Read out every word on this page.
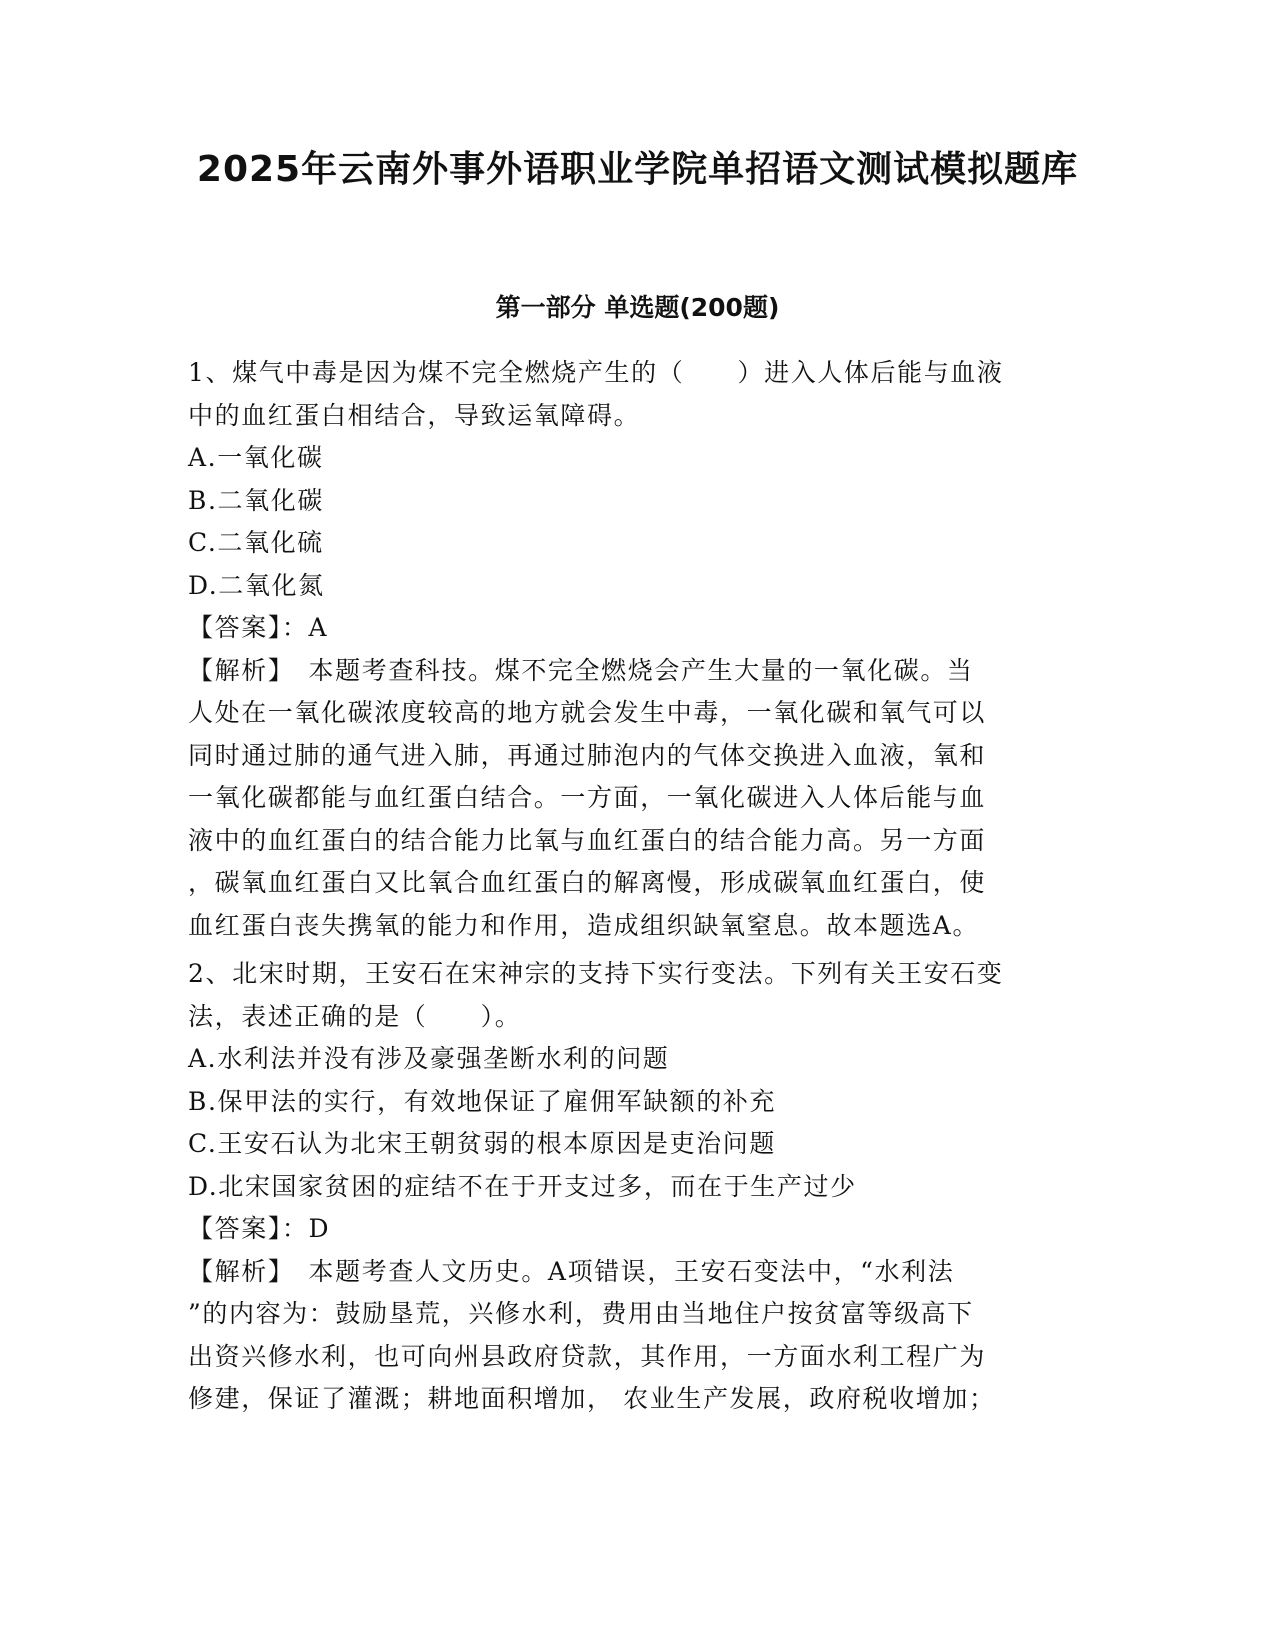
2025年云南外事外语职业学院单招语文测试模拟题库
第一部分 单选题(200题)

1、煤气中毒是因为煤不完全燃烧产生的（　　）进入人体后能与血液

中的血红蛋白相结合，导致运氧障碍。

A.一氧化碳

B.二氧化碳

C.二氧化硫

D.二氧化氮

【答案】：A

【解析】　本题考查科技。煤不完全燃烧会产生大量的一氧化碳。当

人处在一氧化碳浓度较高的地方就会发生中毒，一氧化碳和氧气可以

同时通过肺的通气进入肺，再通过肺泡内的气体交换进入血液，氧和

一氧化碳都能与血红蛋白结合。一方面，一氧化碳进入人体后能与血

液中的血红蛋白的结合能力比氧与血红蛋白的结合能力高。另一方面

，碳氧血红蛋白又比氧合血红蛋白的解离慢，形成碳氧血红蛋白，使

血红蛋白丧失携氧的能力和作用，造成组织缺氧窒息。故本题选A。

2、北宋时期，王安石在宋神宗的支持下实行变法。下列有关王安石变

法，表述正确的是（　　）。

A.水利法并没有涉及豪强垄断水利的问题

B.保甲法的实行，有效地保证了雇佣军缺额的补充

C.王安石认为北宋王朝贫弱的根本原因是吏治问题

D.北宋国家贫困的症结不在于开支过多，而在于生产过少

【答案】：D

【解析】　本题考查人文历史。A项错误，王安石变法中，“水利法

”的内容为：鼓励垦荒，兴修水利，费用由当地住户按贫富等级高下

出资兴修水利，也可向州县政府贷款，其作用，一方面水利工程广为

修建，保证了灌溉；耕地面积增加， 农业生产发展，政府税收增加；
